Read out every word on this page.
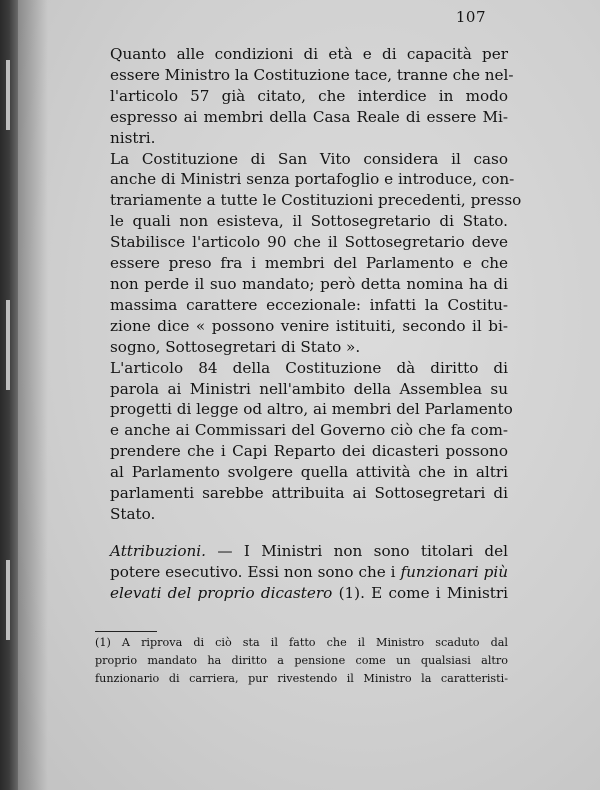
107
Quanto alle condizioni di età e di capacità per
essere Ministro la Costituzione tace, tranne che nel-
l'articolo 57 già citato, che interdice in modo
espresso ai membri della Casa Reale di essere Mi-
nistri.
La Costituzione di San Vito considera il caso
anche di Ministri senza portafoglio e introduce, con-
trariamente a tutte le Costituzioni precedenti, presso
le quali non esisteva, il Sottosegretario di Stato.
Stabilisce l'articolo 90 che il Sottosegretario deve
essere preso fra i membri del Parlamento e che
non perde il suo mandato; però detta nomina ha di
massima carattere eccezionale: infatti la Costitu-
zione dice « possono venire istituiti, secondo il bi-
sogno, Sottosegretari di Stato ».
L'articolo 84 della Costituzione dà diritto di
parola ai Ministri nell'ambito della Assemblea su
progetti di legge od altro, ai membri del Parlamento
e anche ai Commissari del Governo ciò che fa com-
prendere che i Capi Reparto dei dicasteri possono
al Parlamento svolgere quella attività che in altri
parlamenti sarebbe attribuita ai Sottosegretari di
Stato.
Attribuzioni. — I Ministri non sono titolari del
potere esecutivo. Essi non sono che i funzionari più
elevati del proprio dicastero (1). E come i Ministri
(1) A riprova di ciò sta il fatto che il Ministro scaduto dal
proprio mandato ha diritto a pensione come un qualsiasi altro
funzionario di carriera, pur rivestendo il Ministro la caratteristi-
